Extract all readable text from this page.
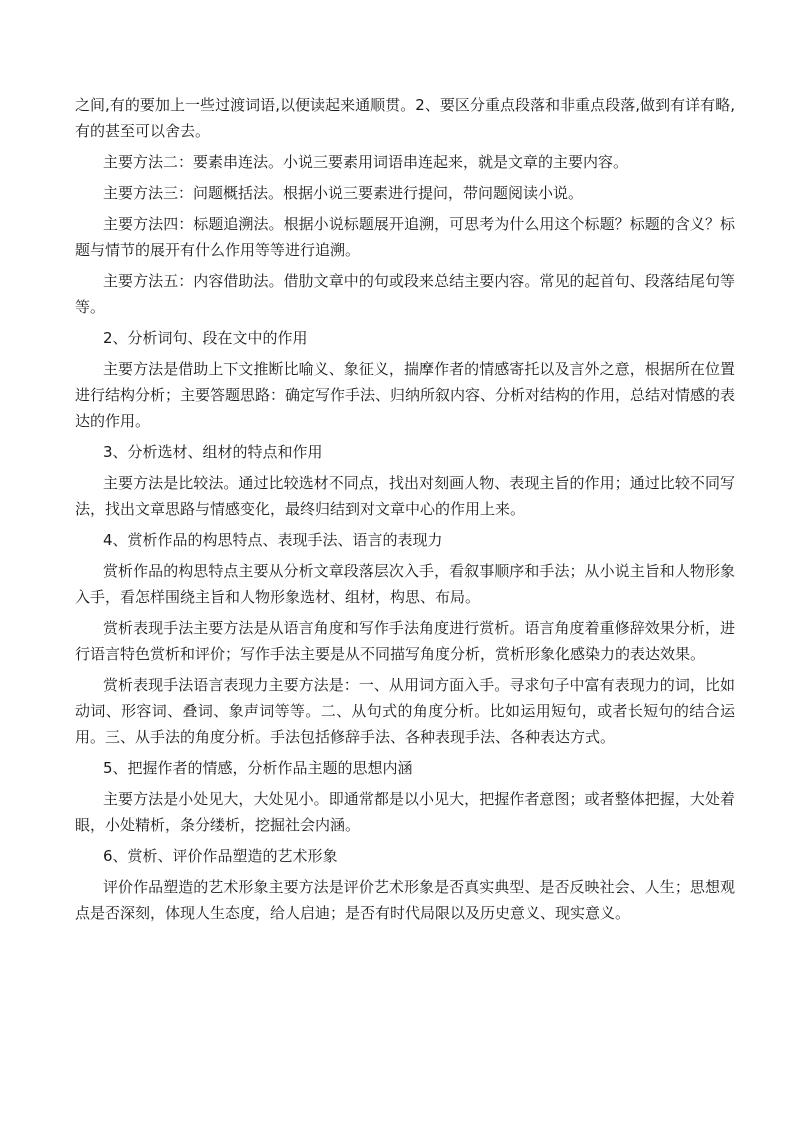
之间,有的要加上一些过渡词语,以便读起来通顺贯。2、要区分重点段落和非重点段落,做到有详有略,有的甚至可以舍去。

主要方法二：要素串连法。小说三要素用词语串连起来，就是文章的主要内容。

主要方法三：问题概括法。根据小说三要素进行提问，带问题阅读小说。

主要方法四：标题追溯法。根据小说标题展开追溯，可思考为什么用这个标题？标题的含义？标题与情节的展开有什么作用等等进行追溯。

主要方法五：内容借助法。借肋文章中的句或段来总结主要内容。常见的起首句、段落结尾句等等。

2、分析词句、段在文中的作用

主要方法是借助上下文推断比喻义、象征义，揣摩作者的情感寄托以及言外之意，根据所在位置进行结构分析；主要答题思路：确定写作手法、归纳所叙内容、分析对结构的作用，总结对情感的表达的作用。

3、分析选材、组材的特点和作用

主要方法是比较法。通过比较选材不同点，找出对刻画人物、表现主旨的作用；通过比较不同写法，找出文章思路与情感变化，最终归结到对文章中心的作用上来。

4、赏析作品的构思特点、表现手法、语言的表现力

赏析作品的构思特点主要从分析文章段落层次入手，看叙事顺序和手法；从小说主旨和人物形象入手，看怎样围绕主旨和人物形象选材、组材，构思、布局。

赏析表现手法主要方法是从语言角度和写作手法角度进行赏析。语言角度着重修辞效果分析，进行语言特色赏析和评价；写作手法主要是从不同描写角度分析，赏析形象化感染力的表达效果。

赏析表现手法语言表现力主要方法是：一、从用词方面入手。寻求句子中富有表现力的词，比如动词、形容词、叠词、象声词等等。二、从句式的角度分析。比如运用短句，或者长短句的结合运用。三、从手法的角度分析。手法包括修辞手法、各种表现手法、各种表达方式。

5、把握作者的情感，分析作品主题的思想内涵

主要方法是小处见大，大处见小。即通常都是以小见大，把握作者意图；或者整体把握，大处着眼，小处精析，条分缕析，挖掘社会内涵。

6、赏析、评价作品塑造的艺术形象

评价作品塑造的艺术形象主要方法是评价艺术形象是否真实典型、是否反映社会、人生；思想观点是否深刻，体现人生态度，给人启迪；是否有时代局限以及历史意义、现实意义。
